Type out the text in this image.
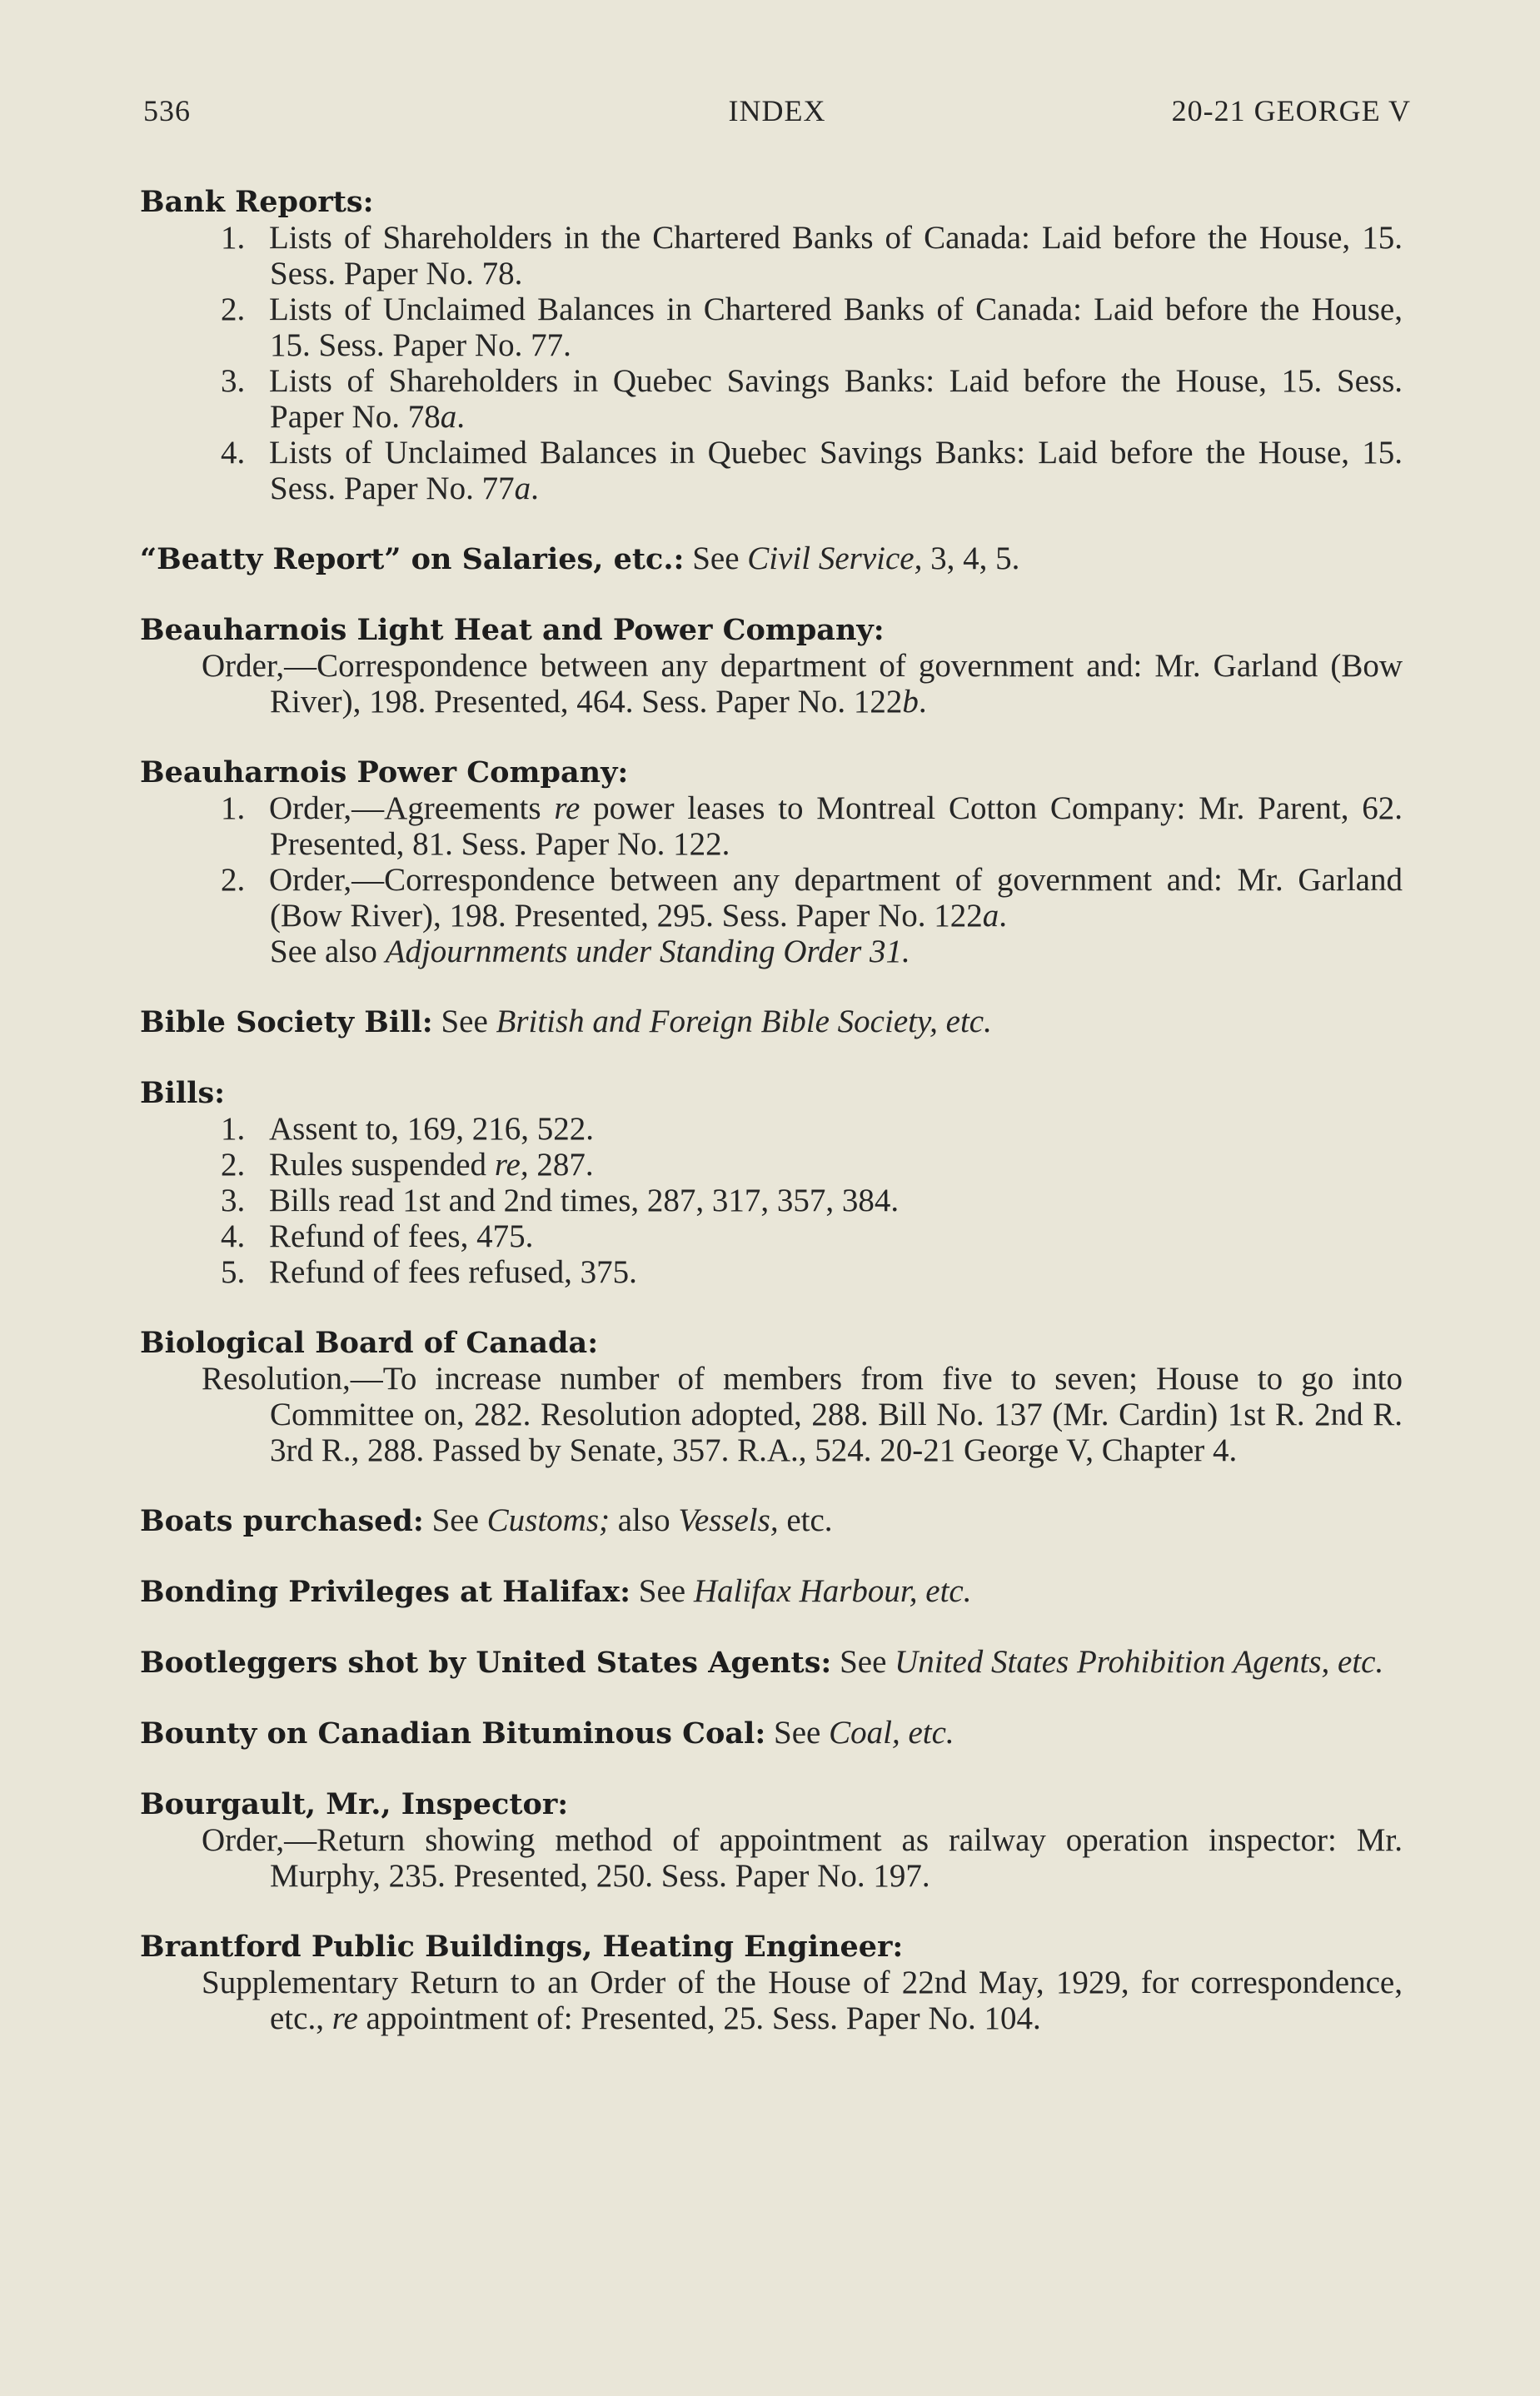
536	INDEX	20-21 GEORGE V
Bank Reports:
1. Lists of Shareholders in the Chartered Banks of Canada: Laid before the House, 15. Sess. Paper No. 78.
2. Lists of Unclaimed Balances in Chartered Banks of Canada: Laid before the House, 15. Sess. Paper No. 77.
3. Lists of Shareholders in Quebec Savings Banks: Laid before the House, 15. Sess. Paper No. 78a.
4. Lists of Unclaimed Balances in Quebec Savings Banks: Laid before the House, 15. Sess. Paper No. 77a.
“Beatty Report” on Salaries, etc.: See Civil Service, 3, 4, 5.
Beauharnois Light Heat and Power Company:
Order,—Correspondence between any department of government and: Mr. Garland (Bow River), 198. Presented, 464. Sess. Paper No. 122b.
Beauharnois Power Company:
1. Order,—Agreements re power leases to Montreal Cotton Company: Mr. Parent, 62. Presented, 81. Sess. Paper No. 122.
2. Order,—Correspondence between any department of government and: Mr. Garland (Bow River), 198. Presented, 295. Sess. Paper No. 122a.
See also Adjournments under Standing Order 31.
Bible Society Bill: See British and Foreign Bible Society, etc.
Bills:
1. Assent to, 169, 216, 522.
2. Rules suspended re, 287.
3. Bills read 1st and 2nd times, 287, 317, 357, 384.
4. Refund of fees, 475.
5. Refund of fees refused, 375.
Biological Board of Canada:
Resolution,—To increase number of members from five to seven; House to go into Committee on, 282. Resolution adopted, 288. Bill No. 137 (Mr. Cardin) 1st R. 2nd R. 3rd R., 288. Passed by Senate, 357. R.A., 524. 20-21 George V, Chapter 4.
Boats purchased: See Customs; also Vessels, etc.
Bonding Privileges at Halifax: See Halifax Harbour, etc.
Bootleggers shot by United States Agents: See United States Prohibition Agents, etc.
Bounty on Canadian Bituminous Coal: See Coal, etc.
Bourgault, Mr., Inspector:
Order,—Return showing method of appointment as railway operation inspector: Mr. Murphy, 235. Presented, 250. Sess. Paper No. 197.
Brantford Public Buildings, Heating Engineer:
Supplementary Return to an Order of the House of 22nd May, 1929, for correspondence, etc., re appointment of: Presented, 25. Sess. Paper No. 104.
